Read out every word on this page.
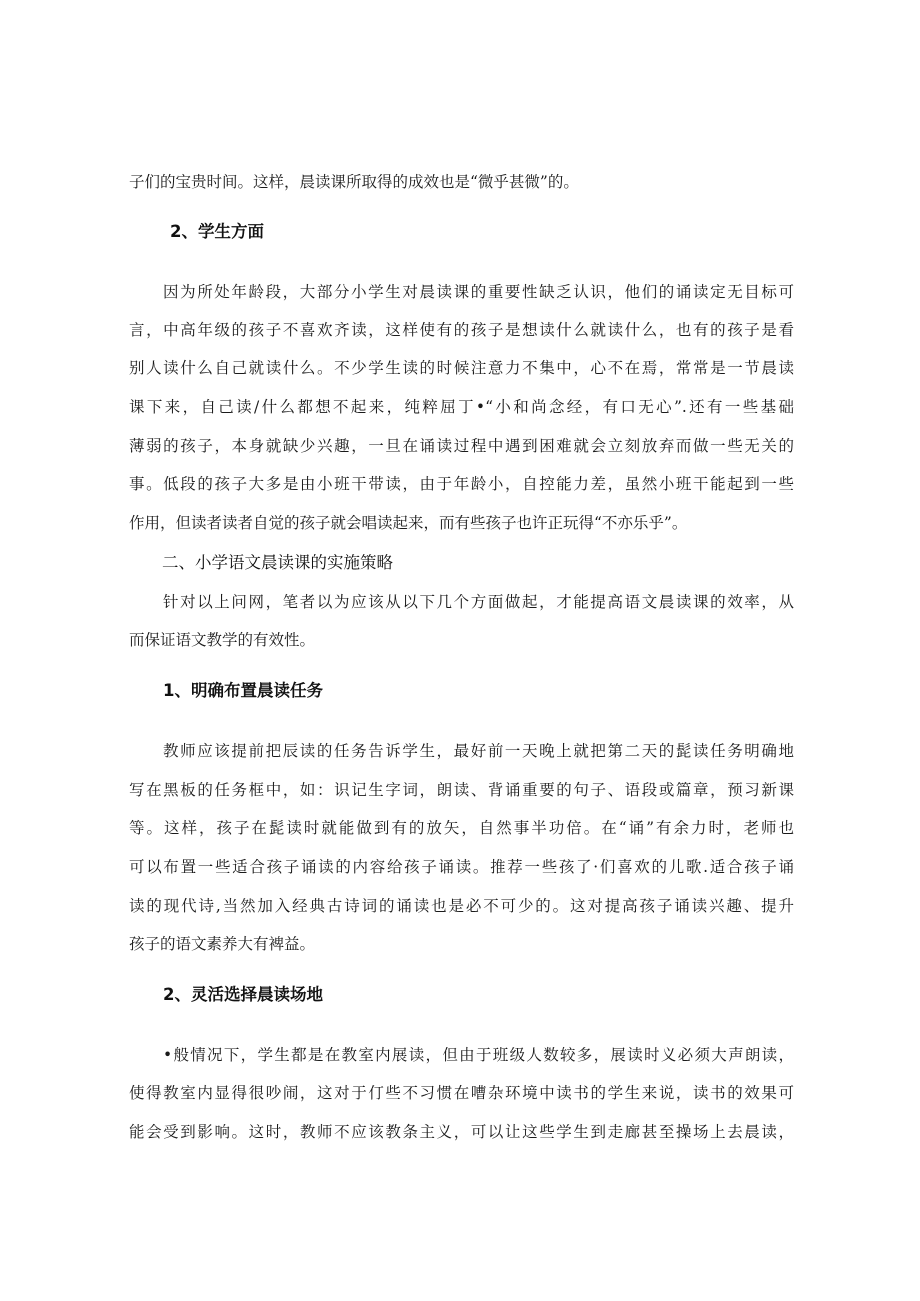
子们的宝贵时间。这样，晨读课所取得的成效也是“微乎甚微”的。
2、学生方面
因为所处年龄段，大部分小学生对晨读课的重要性缺乏认识，他们的诵读定无目标可
言，中高年级的孩子不喜欢齐读，这样使有的孩子是想读什么就读什么，也有的孩子是看
别人读什么自己就读什么。不少学生读的时候注意力不集中，心不在焉，常常是一节晨读
课下来，自己读/什么都想不起来，纯粹屈丁•“小和尚念经，有口无心”.还有一些基础
薄弱的孩子，本身就缺少兴趣，一旦在诵读过程中遇到困难就会立刻放弃而做一些无关的
事。低段的孩子大多是由小班干带读，由于年龄小，自控能力差，虽然小班干能起到一些
作用，但读者读者自觉的孩子就会唱读起来，而有些孩子也许正玩得“不亦乐乎”。
二、小学语文晨读课的实施策略
针对以上问网，笔者以为应该从以下几个方面做起，才能提高语文晨读课的效率，从
而保证语文教学的有效性。
1、明确布置晨读任务
教师应该提前把辰读的任务告诉学生，最好前一天晚上就把第二天的髭读任务明确地
写在黑板的任务框中，如：识记生字词，朗读、背诵重要的句子、语段或篇章，预习新课
等。这样，孩子在髭读时就能做到有的放矢，自然事半功倍。在“诵”有余力时，老师也
可以布置一些适合孩子诵读的内容给孩子诵读。推荐一些孩了·们喜欢的儿歌.适合孩子诵
读的现代诗,当然加入经典古诗词的诵读也是必不可少的。这对提高孩子诵读兴趣、提升
孩子的语文素养大有裨益。
2、灵活选择晨读场地
•般情况下，学生都是在教室内展读，但由于班级人数较多，展读时义必须大声朗读，
使得教室内显得很吵闹，这对于仃些不习惯在嘈杂环境中读书的学生来说，读书的效果可
能会受到影响。这时，教师不应该教条主义，可以让这些学生到走廊甚至操场上去晨读，
